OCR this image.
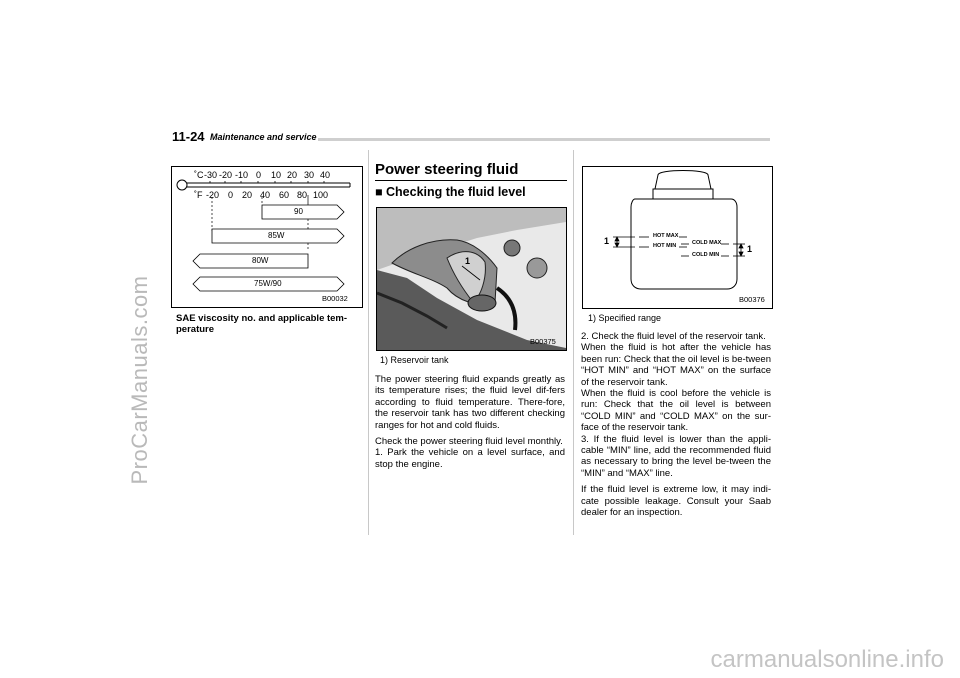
ProCarManuals.com
carmanualsonline.info
11-24 Maintenance and service
˚C
˚F
-30 -20 -10 0 10 20 30 40
-20 0 20 40 60 80 100
90
85W
80W
75W/90
B00032
SAE viscosity no. and applicable tem-perature
Power steering fluid
■ Checking the fluid level
1
B00375
1) Reservoir tank

The power steering fluid expands greatly as its temperature rises; the fluid level dif-fers according to fluid temperature. There-fore, the reservoir tank has two different checking ranges for hot and cold fluids.

Check the power steering fluid level monthly.

1. Park the vehicle on a level surface, and stop the engine.

HOT MAX
HOT MIN	COLD MAX
COLD MIN
1
1
B00376
1) Specified range

2. Check the fluid level of the reservoir tank.

When the fluid is hot after the vehicle has been run: Check that the oil level is be-tween “HOT MIN” and “HOT MAX” on the surface of the reservoir tank.

When the fluid is cool before the vehicle is run: Check that the oil level is between “COLD MIN” and “COLD MAX” on the sur-face of the reservoir tank.

3. If the fluid level is lower than the appli-cable “MIN” line, add the recommended fluid as necessary to bring the level be-tween the “MIN” and “MAX” line.

If the fluid level is extreme low, it may indi-cate possible leakage. Consult your Saab dealer for an inspection.
